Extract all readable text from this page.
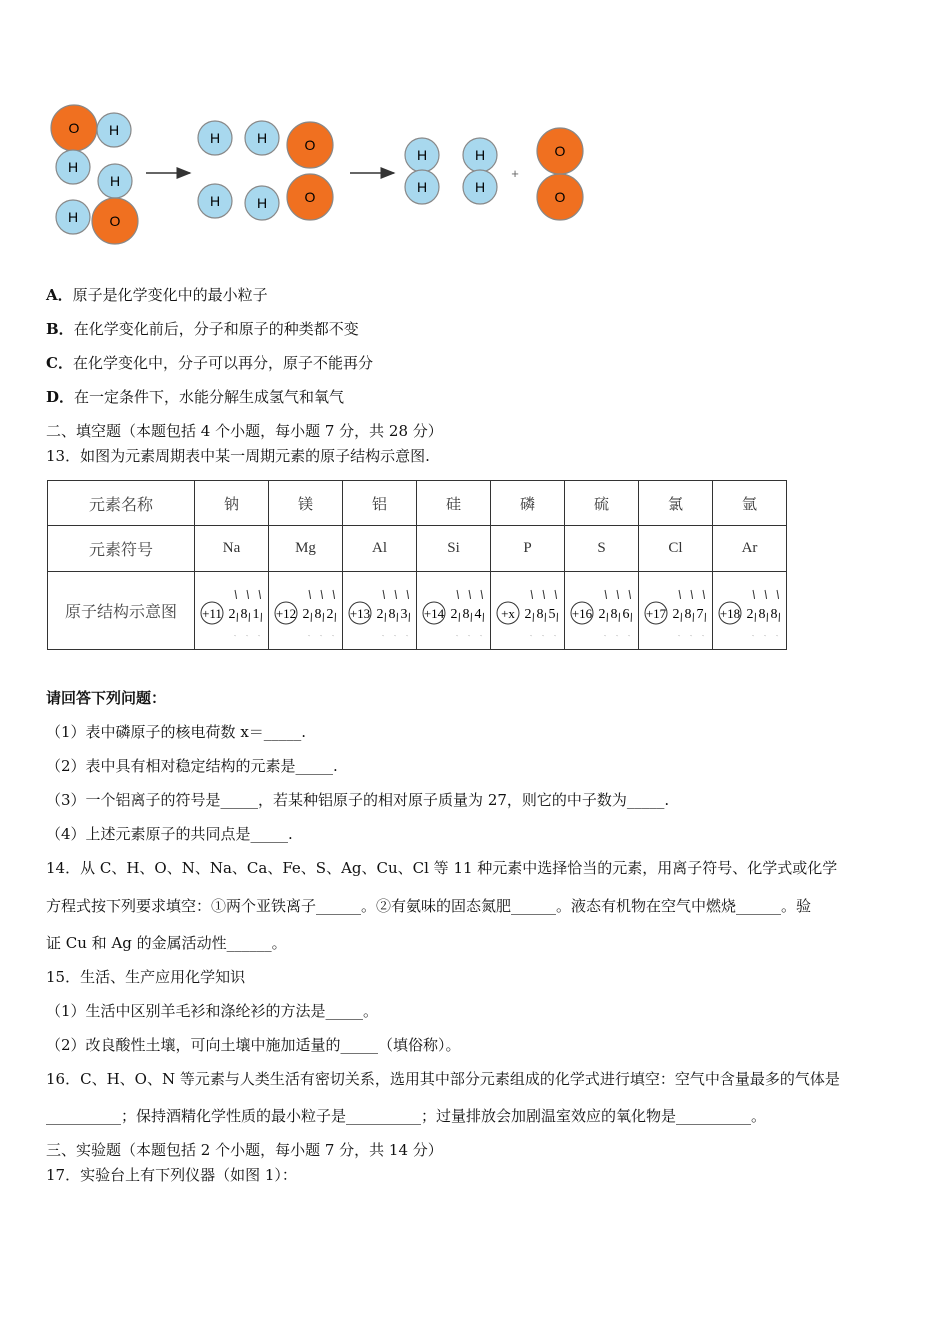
O H
H
H
H O
H	H	O
H	H	O
H
H
H
H
+
O
O
A．原子是化学变化中的最小粒子
B．在化学变化前后，分子和原子的种类都不变
C．在化学变化中，分子可以再分，原子不能再分
D．在一定条件下，水能分解生成氢气和氧气
二、填空题（本题包括 4 个小题，每小题 7 分，共 28 分）
13．如图为元素周期表中某一周期元素的原子结构示意图.
元素名称	钠	镁	铝	硅	磷	硫	氯	氩
元素符号	Na	Mg	Al	Si	P	S	Cl	Ar
原子结构示意图	+11 2 8 1	+12 2 8 2	+13 2 8 3	+14 2 8 4	+x 2 8 5	+16 2 8 6	+17 2 8 7	+18 2 8 8
请回答下列问题：
（1）表中磷原子的核电荷数 x＝_____.
（2）表中具有相对稳定结构的元素是_____.
（3）一个铝离子的符号是_____，若某种铝原子的相对原子质量为 27，则它的中子数为_____.
（4）上述元素原子的共同点是_____.
14．从 C、H、O、N、Na、Ca、Fe、S、Ag、Cu、Cl 等 11 种元素中选择恰当的元素，用离子符号、化学式或化学
方程式按下列要求填空：①两个亚铁离子______。②有氨味的固态氮肥______。液态有机物在空气中燃烧______。验
证 Cu 和 Ag 的金属活动性______。
15．生活、生产应用化学知识
（1）生活中区别羊毛衫和涤纶衫的方法是_____。
（2）改良酸性土壤，可向土壤中施加适量的_____（填俗称）。
16．C、H、O、N 等元素与人类生活有密切关系，选用其中部分元素组成的化学式进行填空：空气中含量最多的气体是
__________；保持酒精化学性质的最小粒子是__________；过量排放会加剧温室效应的氧化物是__________。
三、实验题（本题包括 2 个小题，每小题 7 分，共 14 分）
17．实验台上有下列仪器（如图 1）：
